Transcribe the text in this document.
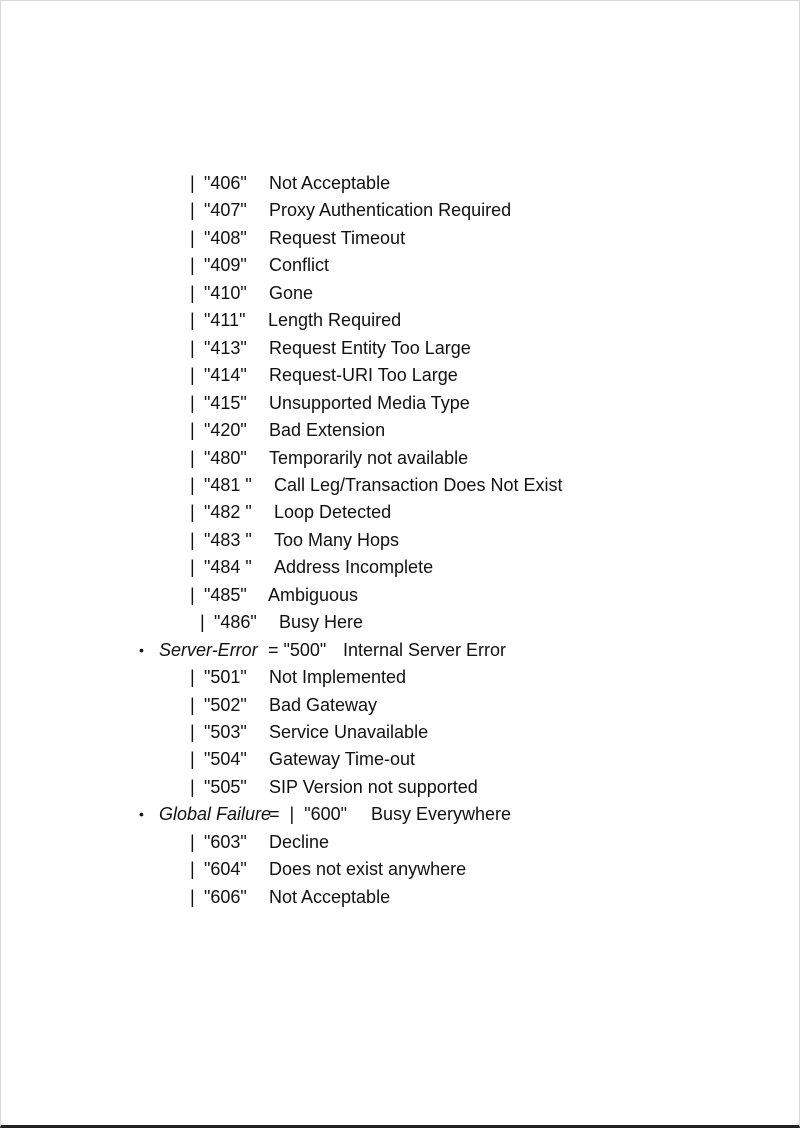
| "406" Not Acceptable
| "407" Proxy Authentication Required
| "408" Request Timeout
| "409" Conflict
| "410" Gone
| "411" Length Required
| "413" Request Entity Too Large
| "414" Request-URI Too Large
| "415" Unsupported Media Type
| "420" Bad Extension
| "480" Temporarily not available
| "481 " Call Leg/Transaction Does Not Exist
| "482 " Loop Detected
| "483 " Too Many Hops
| "484 " Address Incomplete
| "485" Ambiguous
| "486" Busy Here
• Server-Error = "500" Internal Server Error
| "501" Not Implemented
| "502" Bad Gateway
| "503" Service Unavailable
| "504" Gateway Time-out
| "505" SIP Version not supported
• Global Failure
=  |  "600" Busy Everywhere
| "603" Decline
| "604" Does not exist anywhere
| "606" Not Acceptable
